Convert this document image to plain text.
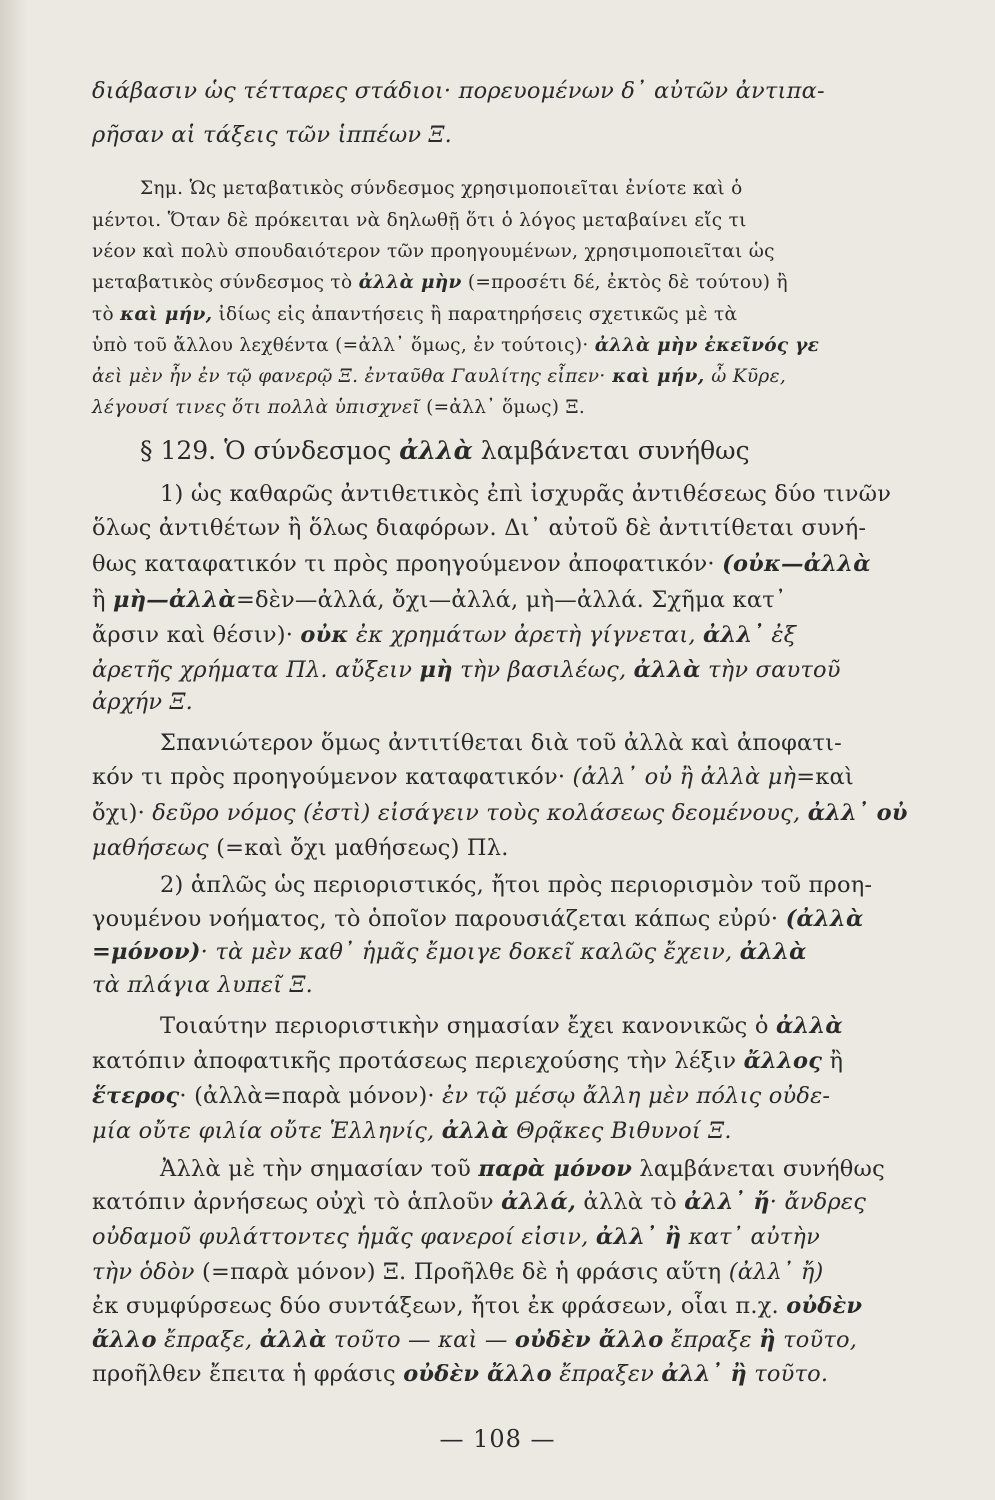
διάβασιν ὡς τέτταρες στάδιοι· πορευομένων δ᾽ αὐτῶν ἀντιπα-
ρῆσαν αἱ τάξεις τῶν ἱππέων Ξ.
Σημ. Ὡς μεταβατικὸς σύνδεσμος χρησιμοποιεῖται ἐνίοτε καὶ ὁ
μέντοι. Ὅταν δὲ πρόκειται νὰ δηλωθῇ ὅτι ὁ λόγος μεταβαίνει εἴς τι
νέον καὶ πολὺ σπουδαιότερον τῶν προηγουμένων, χρησιμοποιεῖται ὡς
μεταβατικὸς σύνδεσμος τὸ ἀλλὰ μὴν (=προσέτι δέ, ἐκτὸς δὲ τούτου) ἢ
τὸ καὶ μήν, ἰδίως εἰς ἀπαντήσεις ἢ παρατηρήσεις σχετικῶς μὲ τὰ
ὑπὸ τοῦ ἄλλου λεχθέντα (=ἀλλ᾽ ὅμως, ἐν τούτοις)· ἀλλὰ μὴν ἐκεῖνός γε
ἀεὶ μὲν ἦν ἐν τῷ φανερῷ Ξ. ἐνταῦθα Γαυλίτης εἶπεν· καὶ μήν, ὦ Κῦρε,
λέγουσί τινες ὅτι πολλὰ ὑπισχνεῖ (=ἀλλ᾽ ὅμως) Ξ.
§ 129. Ὁ σύνδεσμος ἀλλὰ λαμβάνεται συνήθως
1) ὡς καθαρῶς ἀντιθετικὸς ἐπὶ ἰσχυρᾶς ἀντιθέσεως δύο τινῶν
ὅλως ἀντιθέτων ἢ ὅλως διαφόρων. Δι᾽ αὐτοῦ δὲ ἀντιτίθεται συνή-
θως καταφατικόν τι πρὸς προηγούμενον ἀποφατικόν· (οὐκ—ἀλλὰ
ἢ μὴ—ἀλλὰ=δὲν—ἀλλά, ὄχι—ἀλλά, μὴ—ἀλλά. Σχῆμα κατ᾽
ἄρσιν καὶ θέσιν)· οὐκ ἐκ χρημάτων ἀρετὴ γίγνεται, ἀλλ᾽ ἐξ
ἀρετῆς χρήματα Πλ. αὔξειν μὴ τὴν βασιλέως, ἀλλὰ τὴν σαυτοῦ
ἀρχήν Ξ.
Σπανιώτερον ὅμως ἀντιτίθεται διὰ τοῦ ἀλλὰ καὶ ἀποφατι-
κόν τι πρὸς προηγούμενον καταφατικόν· (ἀλλ᾽ οὐ ἢ ἀλλὰ μὴ=καὶ
ὄχι)· δεῦρο νόμος (ἐστὶ) εἰσάγειν τοὺς κολάσεως δεομένους, ἀλλ᾽ οὐ
μαθήσεως (=καὶ ὄχι μαθήσεως) Πλ.
2) ἁπλῶς ὡς περιοριστικός, ἤτοι πρὸς περιορισμὸν τοῦ προη-
γουμένου νοήματος, τὸ ὁποῖον παρουσιάζεται κάπως εὐρύ· (ἀλλὰ
=μόνον)· τὰ μὲν καθ᾽ ἡμᾶς ἔμοιγε δοκεῖ καλῶς ἔχειν, ἀλλὰ
τὰ πλάγια λυπεῖ Ξ.
Τοιαύτην περιοριστικὴν σημασίαν ἔχει κανονικῶς ὁ ἀλλὰ
κατόπιν ἀποφατικῆς προτάσεως περιεχούσης τὴν λέξιν ἄλλος ἢ
ἕτερος· (ἀλλὰ=παρὰ μόνον)· ἐν τῷ μέσῳ ἄλλη μὲν πόλις οὐδε-
μία οὔτε φιλία οὔτε Ἑλληνίς, ἀλλὰ Θρᾷκες Βιθυνοί Ξ.
Ἀλλὰ μὲ τὴν σημασίαν τοῦ παρὰ μόνον λαμβάνεται συνήθως
κατόπιν ἀρνήσεως οὐχὶ τὸ ἁπλοῦν ἀλλά, ἀλλὰ τὸ ἀλλ᾽ ἤ· ἄνδρες
οὐδαμοῦ φυλάττοντες ἡμᾶς φανεροί εἰσιν, ἀλλ᾽ ἢ κατ᾽ αὐτὴν
τὴν ὁδὸν (=παρὰ μόνον) Ξ. Προῆλθε δὲ ἡ φράσις αὕτη (ἀλλ᾽ ἤ)
ἐκ συμφύρσεως δύο συντάξεων, ἤτοι ἐκ φράσεων, οἷαι π.χ. οὐδὲν
ἄλλο ἔπραξε, ἀλλὰ τοῦτο — καὶ — οὐδὲν ἄλλο ἔπραξε ἢ τοῦτο,
προῆλθεν ἔπειτα ἡ φράσις οὐδὲν ἄλλο ἔπραξεν ἀλλ᾽ ἢ τοῦτο.
— 108 —
